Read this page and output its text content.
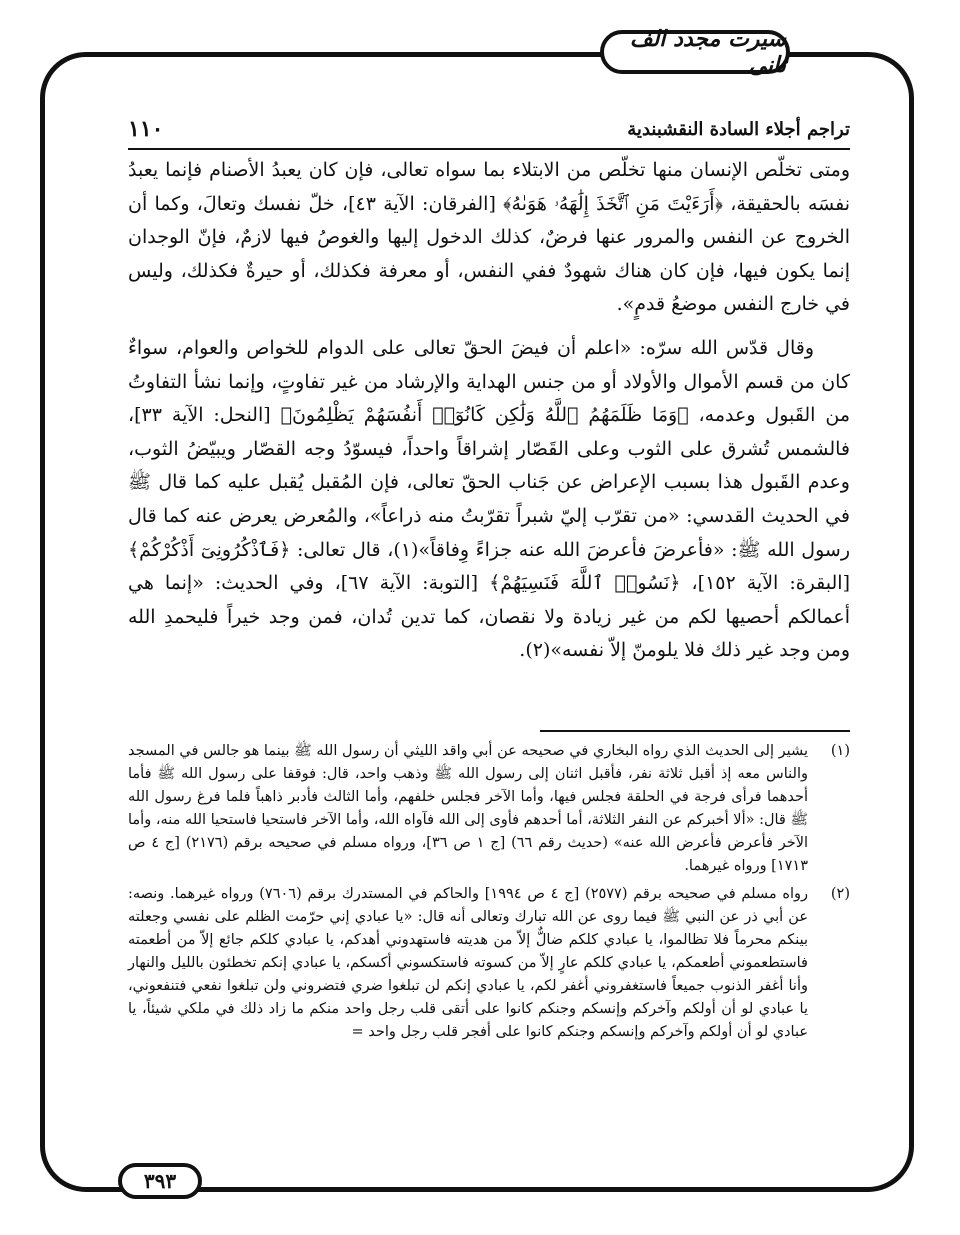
سیرت مجدد الف ثانی
تراجم أجلاء السادة النقشبندية
١١٠

ومتى تخلّص الإنسان منها تخلّص من الابتلاء بما سواه تعالى، فإن كان يعبدُ الأصنام فإنما يعبدُ نفسَه بالحقيقة، ﴿أَرَءَيْتَ مَنِ ٱتَّخَذَ إِلَٰهَهُۥ هَوَىٰهُ﴾ [الفرقان: الآية ٤٣]، خلّ نفسك وتعالَ، وكما أن الخروج عن النفس والمرور عنها فرضٌ، كذلك الدخول إليها والغوصُ فيها لازمٌ، فإنّ الوجدان إنما يكون فيها، فإن كان هناك شهودٌ ففي النفس، أو معرفة فكذلك، أو حيرةٌ فكذلك، وليس في خارج النفس موضعُ قدمٍ».

وقال قدّس الله سرّه: «اعلم أن فيضَ الحقّ تعالى على الدوام للخواص والعوام، سواءٌ كان من قسم الأموال والأولاد أو من جنس الهداية والإرشاد من غير تفاوتٍ، وإنما نشأ التفاوتُ من القَبول وعدمه، ﴿وَمَا ظَلَمَهُمُ ٱللَّهُ وَلَٰكِن كَانُوٓا۟ أَنفُسَهُمْ يَظْلِمُونَ﴾ [النحل: الآية ٣٣]، فالشمس تُشرق على الثوب وعلى القَصّار إشراقاً واحداً، فيسوّدُ وجه القصّار ويبيّضُ الثوب، وعدم القَبول هذا بسبب الإعراض عن جَناب الحقّ تعالى، فإن المُقبل يُقبل عليه كما قال ﷺ في الحديث القدسي: «من تقرّب إليّ شبراً تقرّبتُ منه ذراعاً»، والمُعرض يعرض عنه كما قال رسول الله ﷺ: «فأعرضَ فأعرضَ الله عنه جزاءً وِفاقاً»(١)، قال تعالى: ﴿فَٱذْكُرُونِىٓ أَذْكُرْكُمْ﴾ [البقرة: الآية ١٥٢]، ﴿نَسُوا۟ ٱللَّهَ فَنَسِيَهُمْ﴾ [التوبة: الآية ٦٧]، وفي الحديث: «إنما هي أعمالكم أحصيها لكم من غير زيادة ولا نقصان، كما تدين تُدان، فمن وجد خيراً فليحمدِ الله ومن وجد غير ذلك فلا يلومنّ إلاّ نفسه»(٢).

(١)
يشير إلى الحديث الذي رواه البخاري في صحيحه عن أبي واقد الليثي أن رسول الله ﷺ بينما هو جالس في المسجد والناس معه إذ أقبل ثلاثة نفر، فأقبل اثنان إلى رسول الله ﷺ وذهب واحد، قال: فوقفا على رسول الله ﷺ فأما أحدهما فرأى فرجة في الحلقة فجلس فيها، وأما الآخر فجلس خلفهم، وأما الثالث فأدبر ذاهباً فلما فرغ رسول الله ﷺ قال: «ألا أخبركم عن النفر الثلاثة، أما أحدهم فأوى إلى الله فآواه الله، وأما الآخر فاستحيا فاستحيا الله منه، وأما الآخر فأعرض فأعرض الله عنه» (حديث رقم ٦٦) [ج ١ ص ٣٦]، ورواه مسلم في صحيحه برقم (٢١٧٦) [ج ٤ ص ١٧١٣] ورواه غيرهما.
(٢)
رواه مسلم في صحيحه برقم (٢٥٧٧) [ج ٤ ص ١٩٩٤] والحاكم في المستدرك برقم (٧٦٠٦) ورواه غيرهما. ونصه: عن أبي ذر عن النبي ﷺ فيما روى عن الله تبارك وتعالى أنه قال: «يا عبادي إني حرّمت الظلم على نفسي وجعلته بينكم محرماً فلا تظالموا، يا عبادي كلكم ضالٌّ إلاّ من هديته فاستهدوني أهدكم، يا عبادي كلكم جائع إلاّ من أطعمته فاستطعموني أطعمكم، يا عبادي كلكم عارٍ إلاّ من كسوته فاستكسوني أكسكم، يا عبادي إنكم تخطئون بالليل والنهار وأنا أغفر الذنوب جميعاً فاستغفروني أغفر لكم، يا عبادي إنكم لن تبلغوا ضري فتضروني ولن تبلغوا نفعي فتنفعوني، يا عبادي لو أن أولكم وآخركم وإنسكم وجنكم كانوا على أتقى قلب رجل واحد منكم ما زاد ذلك في ملكي شيئاً، يا عبادي لو أن أولكم وآخركم وإنسكم وجنكم كانوا على أفجر قلب رجل واحد =
٣٩٣
